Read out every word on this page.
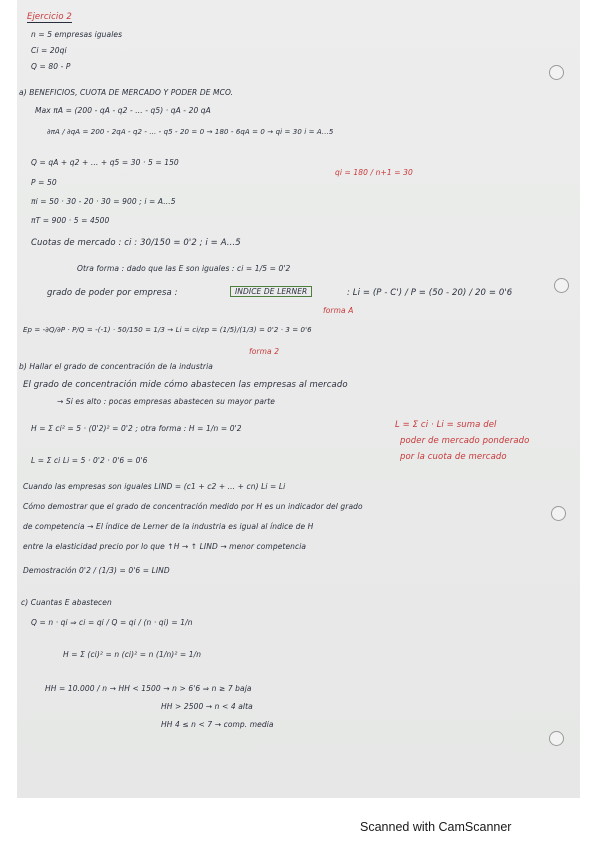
Ejercicio 2
n = 5 empresas iguales
Ci = 20qi
Q = 80 - P
a) BENEFICIOS, CUOTA DE MERCADO Y PODER DE MCO.
Max πA = (200 - qA - q2 - ... - q5) · qA - 20 qA
∂πA / ∂qA = 200 - 2qA - q2 - ... - q5 - 20 = 0 → 180 - 6qA = 0 → qi = 30 i = A...5
Q = qA + q2 + ... + q5 = 30 · 5 = 150
qi = 180 / n+1 = 30
P = 50
πi = 50 · 30 - 20 · 30 = 900 ; i = A...5
πT = 900 · 5 = 4500
Cuotas de mercado : ci : 30/150 = 0'2 ; i = A...5
Otra forma : dado que las E son iguales : ci = 1/5 = 0'2
grado de poder por empresa :	INDICE DE LERNER	: Li = (P - C') / P = (50 - 20) / 20 = 0'6
forma A
Ep = -∂Q/∂P · P/Q = -(-1) · 50/150 = 1/3 → Li = ci/εp = (1/5)/(1/3) = 0'2 · 3 = 0'6
forma 2
b) Hallar el grado de concentración de la industria
El grado de concentración mide cómo abastecen las empresas al mercado
→ Si es alto : pocas empresas abastecen su mayor parte
H = Σ ci² = 5 · (0'2)² = 0'2 ; otra forma : H = 1/n = 0'2	L = Σ ci · Li = suma del
poder de mercado ponderado
por la cuota de mercado
L = Σ ci Li = 5 · 0'2 · 0'6 = 0'6
Cuando las empresas son iguales LIND = (c1 + c2 + ... + cn) Li = Li
Cómo demostrar que el grado de concentración medido por H es un indicador del grado
de competencia → El índice de Lerner de la industria es igual al índice de H
entre la elasticidad precio por lo que ↑H → ↑ LIND → menor competencia
Demostración 0'2 / (1/3) = 0'6 = LIND
c) Cuantas E abastecen
Q = n · qi ⇒ ci = qi / Q = qi / (n · qi) = 1/n
H = Σ (ci)² = n (ci)² = n (1/n)² = 1/n
HH = 10.000 / n → HH < 1500 → n > 6'6 ⇒ n ≥ 7 baja
HH > 2500 → n < 4 alta
HH 4 ≤ n < 7 → comp. media
Scanned with CamScanner
